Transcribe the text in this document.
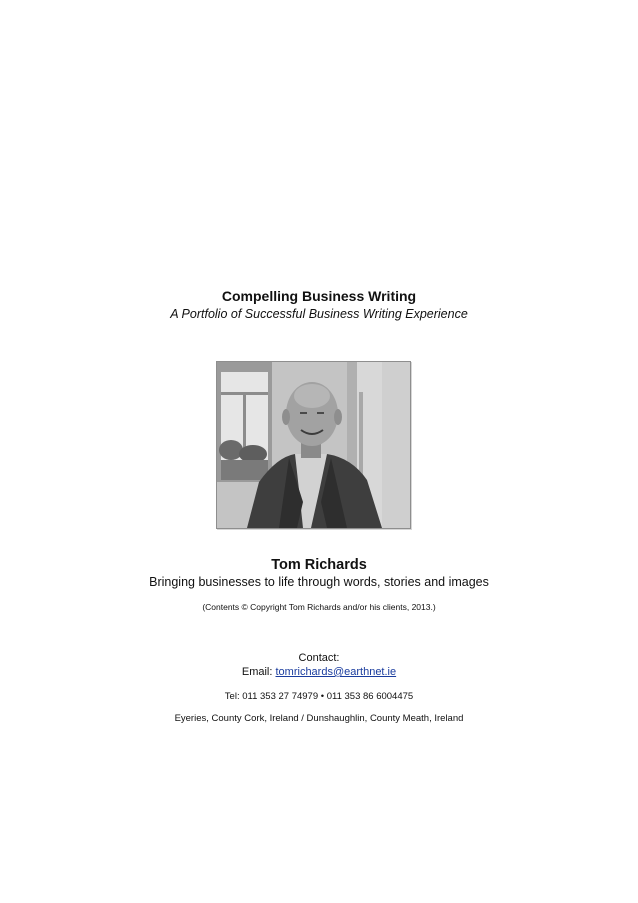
Compelling Business Writing
A Portfolio of Successful Business Writing Experience
Tom Richards
Bringing businesses to life through words, stories and images
(Contents © Copyright Tom Richards and/or his clients, 2013.)
Contact:
Email: tomrichards@earthnet.ie
Tel: 011 353 27 74979 • 011 353 86 6004475
Eyeries, County Cork, Ireland / Dunshaughlin, County Meath, Ireland
